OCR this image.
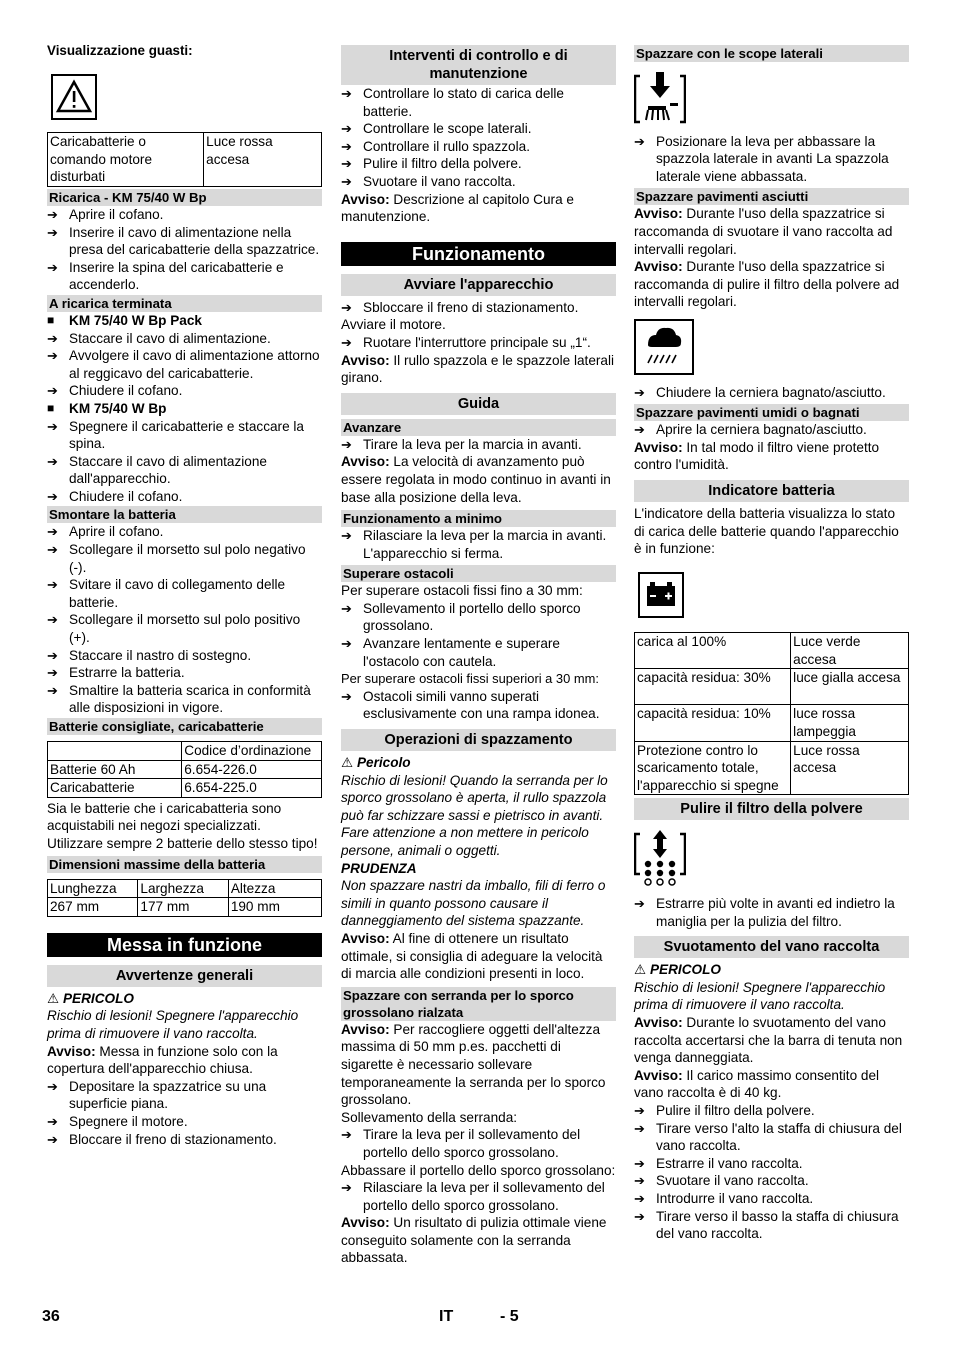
Visualizzazione guasti:

Caricabatterie o comando motore disturbati	Luce rossa accesa
Ricarica - KM 75/40 W Bp
➔ Aprire il cofano.
➔ Inserire il cavo di alimentazione nella presa del caricabatterie della spazzatrice.
➔ Inserire la spina del caricabatterie e accenderlo.
A ricarica terminata
■	KM 75/40 W Bp Pack
➔ Staccare il cavo di alimentazione.
➔ Avvolgere il cavo di alimentazione attorno al reggicavo del caricabatterie.
➔ Chiudere il cofano.
■	KM 75/40 W Bp
➔ Spegnere il caricabatterie e staccare la spina.
➔ Staccare il cavo di alimentazione dall'apparecchio.
➔ Chiudere il cofano.
Smontare la batteria
➔ Aprire il cofano.
➔ Scollegare il morsetto sul polo negativo (-).
➔ Svitare il cavo di collegamento delle batterie.
➔ Scollegare il morsetto sul polo positivo (+).
➔ Staccare il nastro di sostegno.
➔ Estrarre la batteria.
➔ Smaltire la batteria scarica in conformità alle disposizioni in vigore.
Batterie consigliate, caricabatterie
	Codice d’ordinazione
Batterie 60 Ah	6.654-226.0
Caricabatterie	6.654-225.0

Sia le batterie che i caricabatteria sono acquistabili nei negozi specializzati.

Utilizzare sempre 2 batterie dello stesso tipo!

Dimensioni massime della batteria
Lunghezza	Larghezza	Altezza
267 mm	177 mm	190 mm
Messa in funzione
Avvertenze generali

⚠ PERICOLO

Rischio di lesioni! Spegnere l'apparecchio prima di rimuovere il vano raccolta.

Avviso: Messa in funzione solo con la copertura dell'apparecchio chiusa.

➔ Depositare la spazzatrice su una superficie piana.
➔ Spegnere il motore.
➔ Bloccare il freno di stazionamento.
Interventi di controllo e di manutenzione
➔ Controllare lo stato di carica delle batterie.
➔ Controllare le scope laterali.
➔ Controllare il rullo spazzola.
➔ Pulire il filtro della polvere.
➔ Svuotare il vano raccolta.

Avviso: Descrizione al capitolo Cura e manutenzione.

Funzionamento
Avviare l'apparecchio
➔ Sbloccare il freno di stazionamento.

Avviare il motore.

➔ Ruotare l'interruttore principale su „1“.

Avviso: Il rullo spazzola e le spazzole laterali girano.

Guida
Avanzare
➔ Tirare la leva per la marcia in avanti.

Avviso: La velocità di avanzamento può essere regolata in modo continuo in avanti in base alla posizione della leva.

Funzionamento a minimo
➔ Rilasciare la leva per la marcia in avanti. L'apparecchio si ferma.
Superare ostacoli

Per superare ostacoli fissi fino a 30 mm:

➔ Sollevamento il portello dello sporco grossolano.
➔ Avanzare lentamente e superare l'ostacolo con cautela.

Per superare ostacoli fissi superiori a 30 mm:

➔ Ostacoli simili vanno superati esclusivamente con una rampa idonea.
Operazioni di spazzamento

⚠ Pericolo

Rischio di lesioni! Quando la serranda per lo sporco grossolano è aperta, il rullo spazzola può far schizzare sassi e pietrisco in avanti. Fare attenzione a non mettere in pericolo persone, animali o oggetti.

PRUDENZA

Non spazzare nastri da imballo, fili di ferro o simili in quanto possono causare il danneggiamento del sistema spazzante.

Avviso: Al fine di ottenere un risultato ottimale, si consiglia di adeguare la velocità di marcia alle condizioni presenti in loco.

Spazzare con serranda per lo sporco grossolano rialzata

Avviso: Per raccogliere oggetti dell'altezza massima di 50 mm p.es. pacchetti di sigarette è necessario sollevare temporaneamente la serranda per lo sporco grossolano.

Sollevamento della serranda:

➔ Tirare la leva per il sollevamento del portello dello sporco grossolano.

Abbassare il portello dello sporco grossolano:

➔ Rilasciare la leva per il sollevamento del portello dello sporco grossolano.

Avviso: Un risultato di pulizia ottimale viene conseguito solamente con la serranda abbassata.

Spazzare con le scope laterali
➔ Posizionare la leva per abbassare la spazzola laterale in avanti La spazzola laterale viene abbassata.
Spazzare pavimenti asciutti

Avviso: Durante l'uso della spazzatrice si raccomanda di svuotare il vano raccolta ad intervalli regolari.

Avviso: Durante l'uso della spazzatrice si raccomanda di pulire il filtro della polvere ad intervalli regolari.

➔ Chiudere la cerniera bagnato/asciutto.
Spazzare pavimenti umidi o bagnati
➔ Aprire la cerniera bagnato/asciutto.

Avviso: In tal modo il filtro viene protetto contro l'umidità.

Indicatore batteria

L'indicatore della batteria visualizza lo stato di carica delle batterie quando l'apparecchio è in funzione:

carica al 100%	Luce verde accesa
capacità residua: 30%	luce gialla accesa
capacità residua: 10%	luce rossa lampeggia
Protezione contro lo scaricamento totale, l'apparecchio si spegne	Luce rossa accesa
Pulire il filtro della polvere
➔ Estrarre più volte in avanti ed indietro la maniglia per la pulizia del filtro.
Svuotamento del vano raccolta

⚠ PERICOLO

Rischio di lesioni! Spegnere l'apparecchio prima di rimuovere il vano raccolta.

Avviso: Durante lo svuotamento del vano raccolta accertarsi che la barra di tenuta non venga danneggiata.

Avviso: Il carico massimo consentito del vano raccolta è di 40 kg.

➔ Pulire il filtro della polvere.
➔ Tirare verso l'alto la staffa di chiusura del vano raccolta.
➔ Estrarre il vano raccolta.
➔ Svuotare il vano raccolta.
➔ Introdurre il vano raccolta.
➔ Tirare verso il basso la staffa di chiusura del vano raccolta.
36	IT	- 5
